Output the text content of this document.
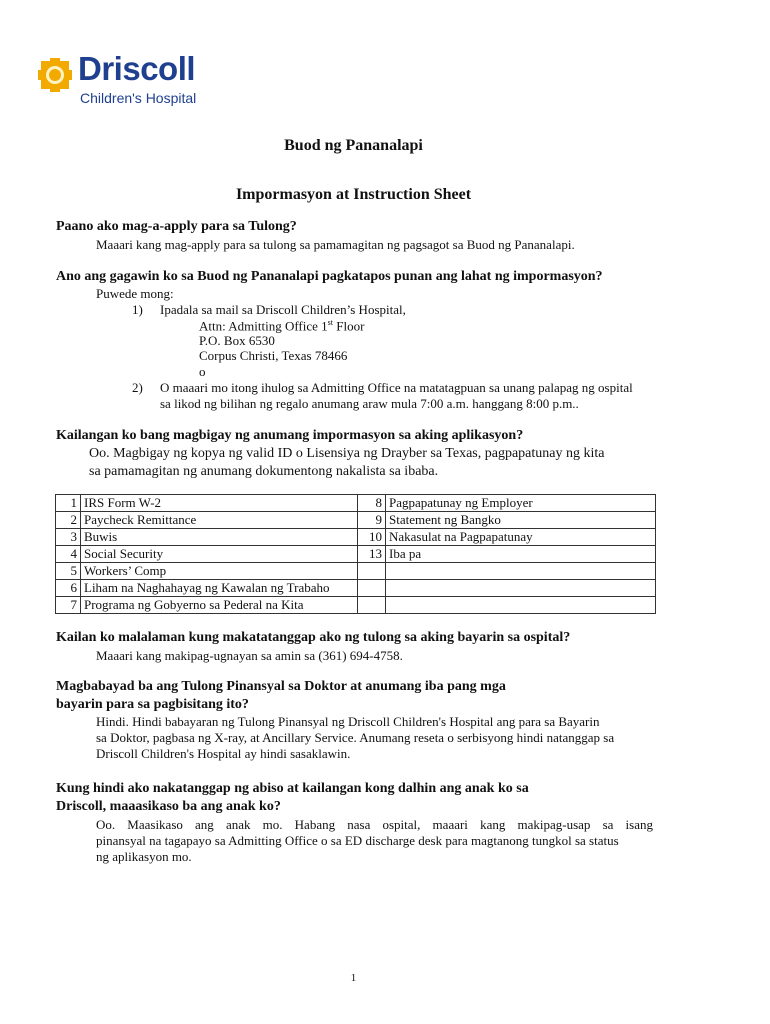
Driscoll
Children's Hospital
Buod ng Pananalapi
Impormasyon at Instruction Sheet
Paano ako mag-a-apply para sa Tulong?
Maaari kang mag-apply para sa tulong sa pamamagitan ng pagsagot sa Buod ng Pananalapi.
Ano ang gagawin ko sa Buod ng Pananalapi pagkatapos punan ang lahat ng impormasyon?
Puwede mong:
1) Ipadala sa mail sa Driscoll Children’s Hospital,
Attn: Admitting Office 1st Floor
P.O. Box 6530
Corpus Christi, Texas 78466
o
2) O maaari mo itong ihulog sa Admitting Office na matatagpuan sa unang palapag ng ospital
sa likod ng bilihan ng regalo anumang araw mula 7:00 a.m. hanggang 8:00 p.m..
Kailangan ko bang magbigay ng anumang impormasyon sa aking aplikasyon?
Oo. Magbigay ng kopya ng valid ID o Lisensiya ng Drayber sa Texas, pagpapatunay ng kita
sa pamamagitan ng anumang dokumentong nakalista sa ibaba.
1	IRS Form W-2	8	Pagpapatunay ng Employer
2	Paycheck Remittance	9	Statement ng Bangko
3	Buwis	10	Nakasulat na Pagpapatunay
4	Social Security	13	Iba pa
5	Workers’ Comp		
6	Liham na Naghahayag ng Kawalan ng Trabaho		
7	Programa ng Gobyerno sa Pederal na Kita		
Kailan ko malalaman kung makatatanggap ako ng tulong sa aking bayarin sa ospital?
Maaari kang makipag-ugnayan sa amin sa (361) 694-4758.
Magbabayad ba ang Tulong Pinansyal sa Doktor at anumang iba pang mga
bayarin para sa pagbisitang ito?
Hindi. Hindi babayaran ng Tulong Pinansyal ng Driscoll Children's Hospital ang para sa Bayarin
sa Doktor, pagbasa ng X-ray, at Ancillary Service. Anumang reseta o serbisyong hindi natanggap sa
Driscoll Children's Hospital ay hindi sasaklawin.
Kung hindi ako nakatanggap ng abiso at kailangan kong dalhin ang anak ko sa
Driscoll, maaasikaso ba ang anak ko?
Oo. Maasikaso ang anak mo. Habang nasa ospital, maaari kang makipag-usap sa isang
pinansyal na tagapayo sa Admitting Office o sa ED discharge desk para magtanong tungkol sa status
ng aplikasyon mo.
1
